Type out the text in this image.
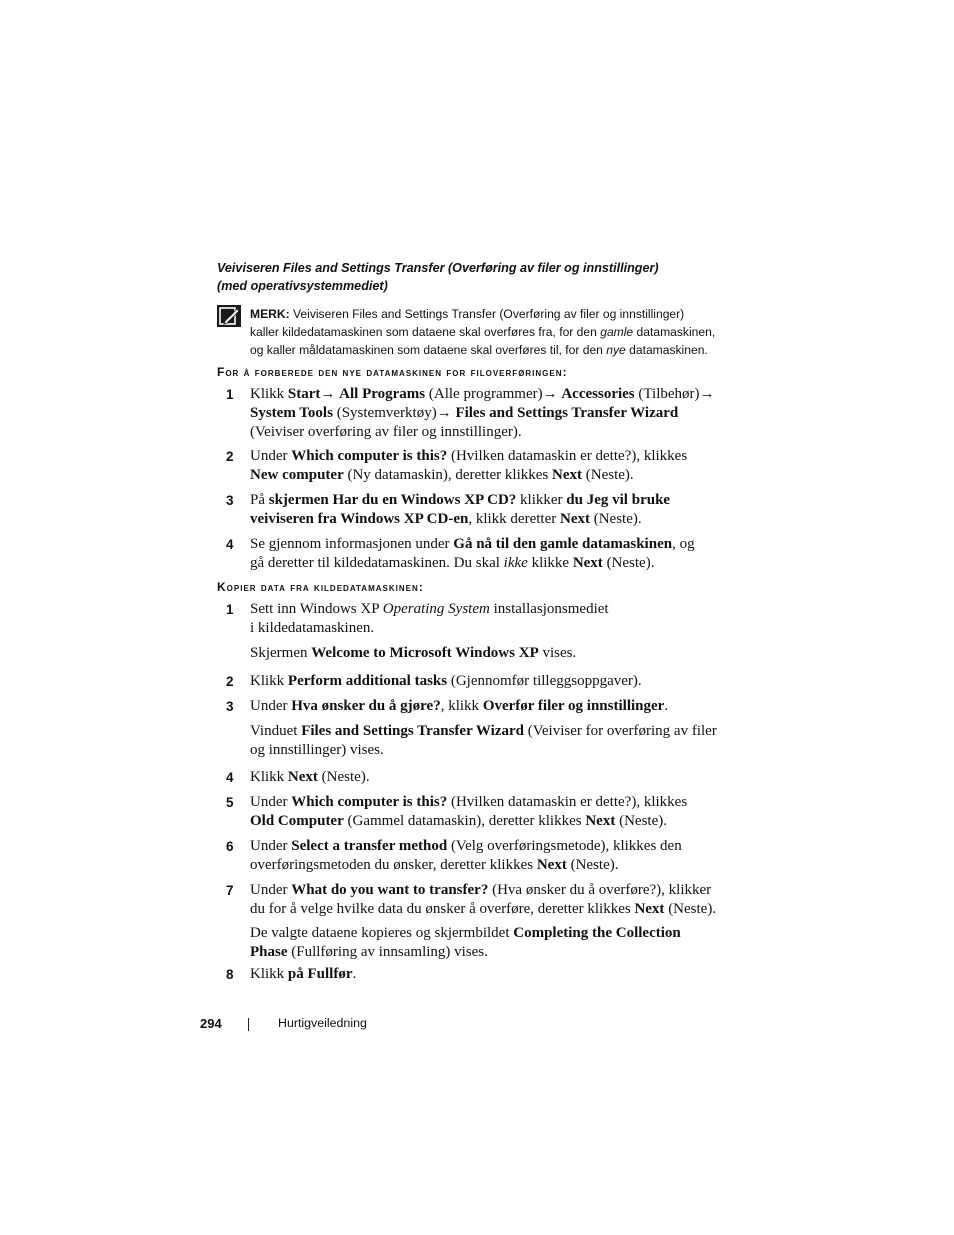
Veiviseren Files and Settings Transfer (Overføring av filer og innstillinger)
(med operativsystemmediet)
MERK: Veiviseren Files and Settings Transfer (Overføring av filer og innstillinger)
kaller kildedatamaskinen som dataene skal overføres fra, for den gamle datamaskinen,
og kaller måldatamaskinen som dataene skal overføres til, for den nye datamaskinen.
For å forberede den nye datamaskinen for filoverføringen:
1 Klikk Start→ All Programs (Alle programmer)→ Accessories (Tilbehør)→
System Tools (Systemverktøy)→ Files and Settings Transfer Wizard
(Veiviser overføring av filer og innstillinger).
2 Under Which computer is this? (Hvilken datamaskin er dette?), klikkes
New computer (Ny datamaskin), deretter klikkes Next (Neste).
3 På skjermen Har du en Windows XP CD? klikker du Jeg vil bruke
veiviseren fra Windows XP CD-en, klikk deretter Next (Neste).
4 Se gjennom informasjonen under Gå nå til den gamle datamaskinen, og
gå deretter til kildedatamaskinen. Du skal ikke klikke Next (Neste).
Kopier data fra kildedatamaskinen:
1 Sett inn Windows XP Operating System installasjonsmediet
i kildedatamaskinen.
Skjermen Welcome to Microsoft Windows XP vises.
2 Klikk Perform additional tasks (Gjennomfør tilleggsoppgaver).
3 Under Hva ønsker du å gjøre?, klikk Overfør filer og innstillinger.
Vinduet Files and Settings Transfer Wizard (Veiviser for overføring av filer
og innstillinger) vises.
4 Klikk Next (Neste).
5 Under Which computer is this? (Hvilken datamaskin er dette?), klikkes
Old Computer (Gammel datamaskin), deretter klikkes Next (Neste).
6 Under Select a transfer method (Velg overføringsmetode), klikkes den
overføringsmetoden du ønsker, deretter klikkes Next (Neste).
7 Under What do you want to transfer? (Hva ønsker du å overføre?), klikker
du for å velge hvilke data du ønsker å overføre, deretter klikkes Next (Neste).
De valgte dataene kopieres og skjermbildet Completing the Collection
Phase (Fullføring av innsamling) vises.
8 Klikk på Fullfør.
294	Hurtigveiledning
